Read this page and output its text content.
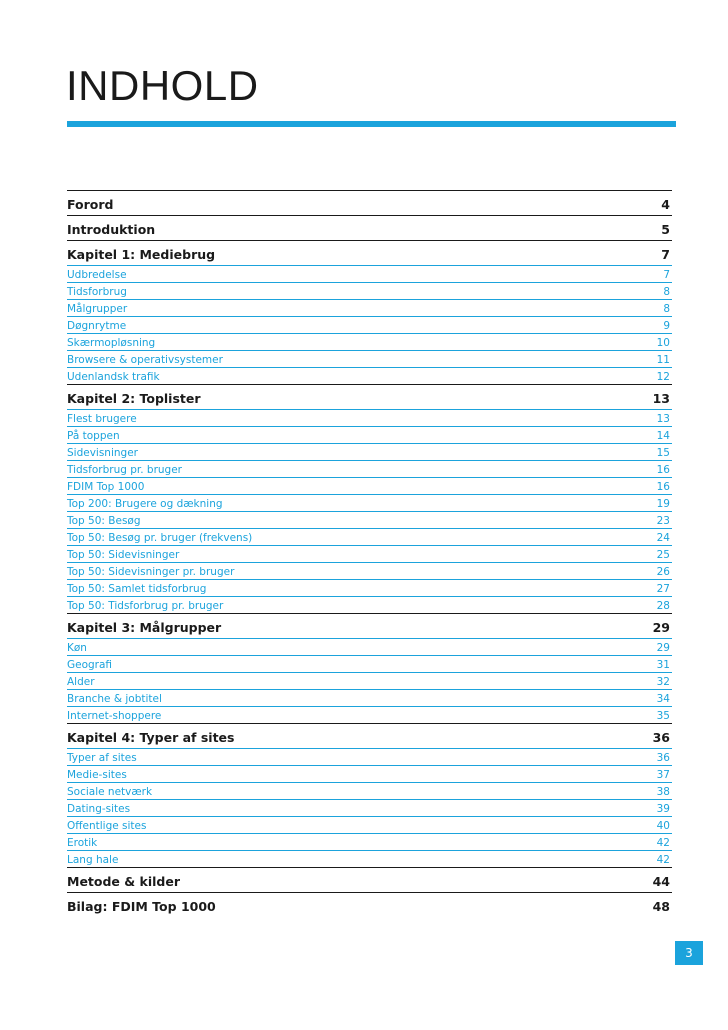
INDHOLD
Forord	4
Introduktion	5
Kapitel 1: Mediebrug	7
Udbredelse	7
Tidsforbrug	8
Målgrupper	8
Døgnrytme	9
Skærmopløsning	10
Browsere & operativsystemer	11
Udenlandsk trafik	12
Kapitel 2: Toplister	13
Flest brugere	13
På toppen	14
Sidevisninger	15
Tidsforbrug pr. bruger	16
FDIM Top 1000	16
Top 200: Brugere og dækning	19
Top 50: Besøg	23
Top 50: Besøg pr. bruger (frekvens)	24
Top 50: Sidevisninger	25
Top 50: Sidevisninger pr. bruger	26
Top 50: Samlet tidsforbrug	27
Top 50: Tidsforbrug pr. bruger	28
Kapitel 3: Målgrupper	29
Køn	29
Geografi	31
Alder	32
Branche & jobtitel	34
Internet-shoppere	35
Kapitel 4: Typer af sites	36
Typer af sites	36
Medie-sites	37
Sociale netværk	38
Dating-sites	39
Offentlige sites	40
Erotik	42
Lang hale	42
Metode & kilder	44
Bilag: FDIM Top 1000	48
3
